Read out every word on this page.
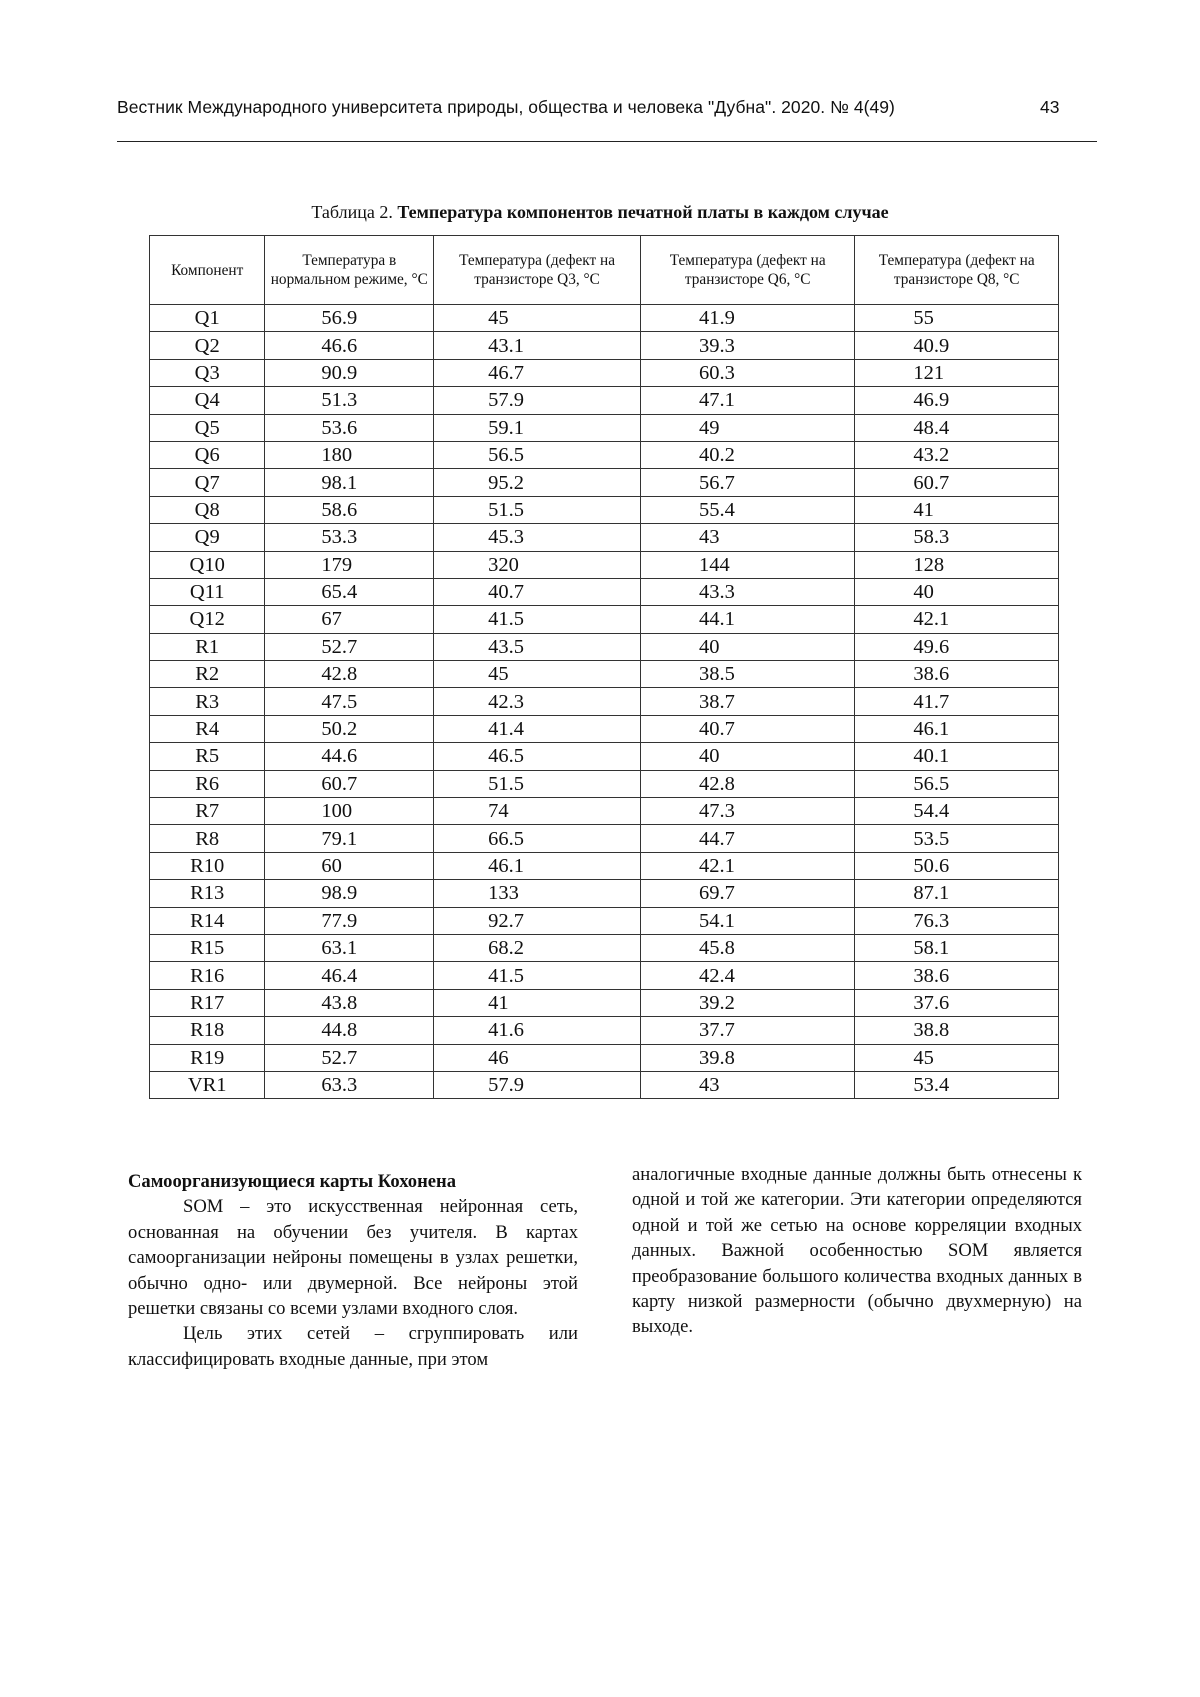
Вестник Международного университета природы, общества и человека "Дубна". 2020. № 4(49)	43
Таблица 2. Температура компонентов печатной платы в каждом случае
Компонент	Температура в нормальном режиме, °С	Температура (дефект на транзисторе Q3, °С	Температура (дефект на транзисторе Q6, °С	Температура (дефект на транзисторе Q8, °С
Q1	56.9	45	41.9	55
Q2	46.6	43.1	39.3	40.9
Q3	90.9	46.7	60.3	121
Q4	51.3	57.9	47.1	46.9
Q5	53.6	59.1	49	48.4
Q6	180	56.5	40.2	43.2
Q7	98.1	95.2	56.7	60.7
Q8	58.6	51.5	55.4	41
Q9	53.3	45.3	43	58.3
Q10	179	320	144	128
Q11	65.4	40.7	43.3	40
Q12	67	41.5	44.1	42.1
R1	52.7	43.5	40	49.6
R2	42.8	45	38.5	38.6
R3	47.5	42.3	38.7	41.7
R4	50.2	41.4	40.7	46.1
R5	44.6	46.5	40	40.1
R6	60.7	51.5	42.8	56.5
R7	100	74	47.3	54.4
R8	79.1	66.5	44.7	53.5
R10	60	46.1	42.1	50.6
R13	98.9	133	69.7	87.1
R14	77.9	92.7	54.1	76.3
R15	63.1	68.2	45.8	58.1
R16	46.4	41.5	42.4	38.6
R17	43.8	41	39.2	37.6
R18	44.8	41.6	37.7	38.8
R19	52.7	46	39.8	45
VR1	63.3	57.9	43	53.4

Самоорганизующиеся карты Кохонена

SOM – это искусственная нейронная сеть, основанная на обучении без учителя. В картах самоорганизации нейроны помещены в узлах решетки, обычно одно- или двумерной. Все нейроны этой решетки связаны со всеми узлами входного слоя.

Цель этих сетей – сгруппировать или классифицировать входные данные, при этом

аналогичные входные данные должны быть отнесены к одной и той же категории. Эти категории определяются одной и той же сетью на основе корреляции входных данных. Важной особенностью SOM является преобразование большого количества входных данных в карту низкой размерности (обычно двухмерную) на выходе.
